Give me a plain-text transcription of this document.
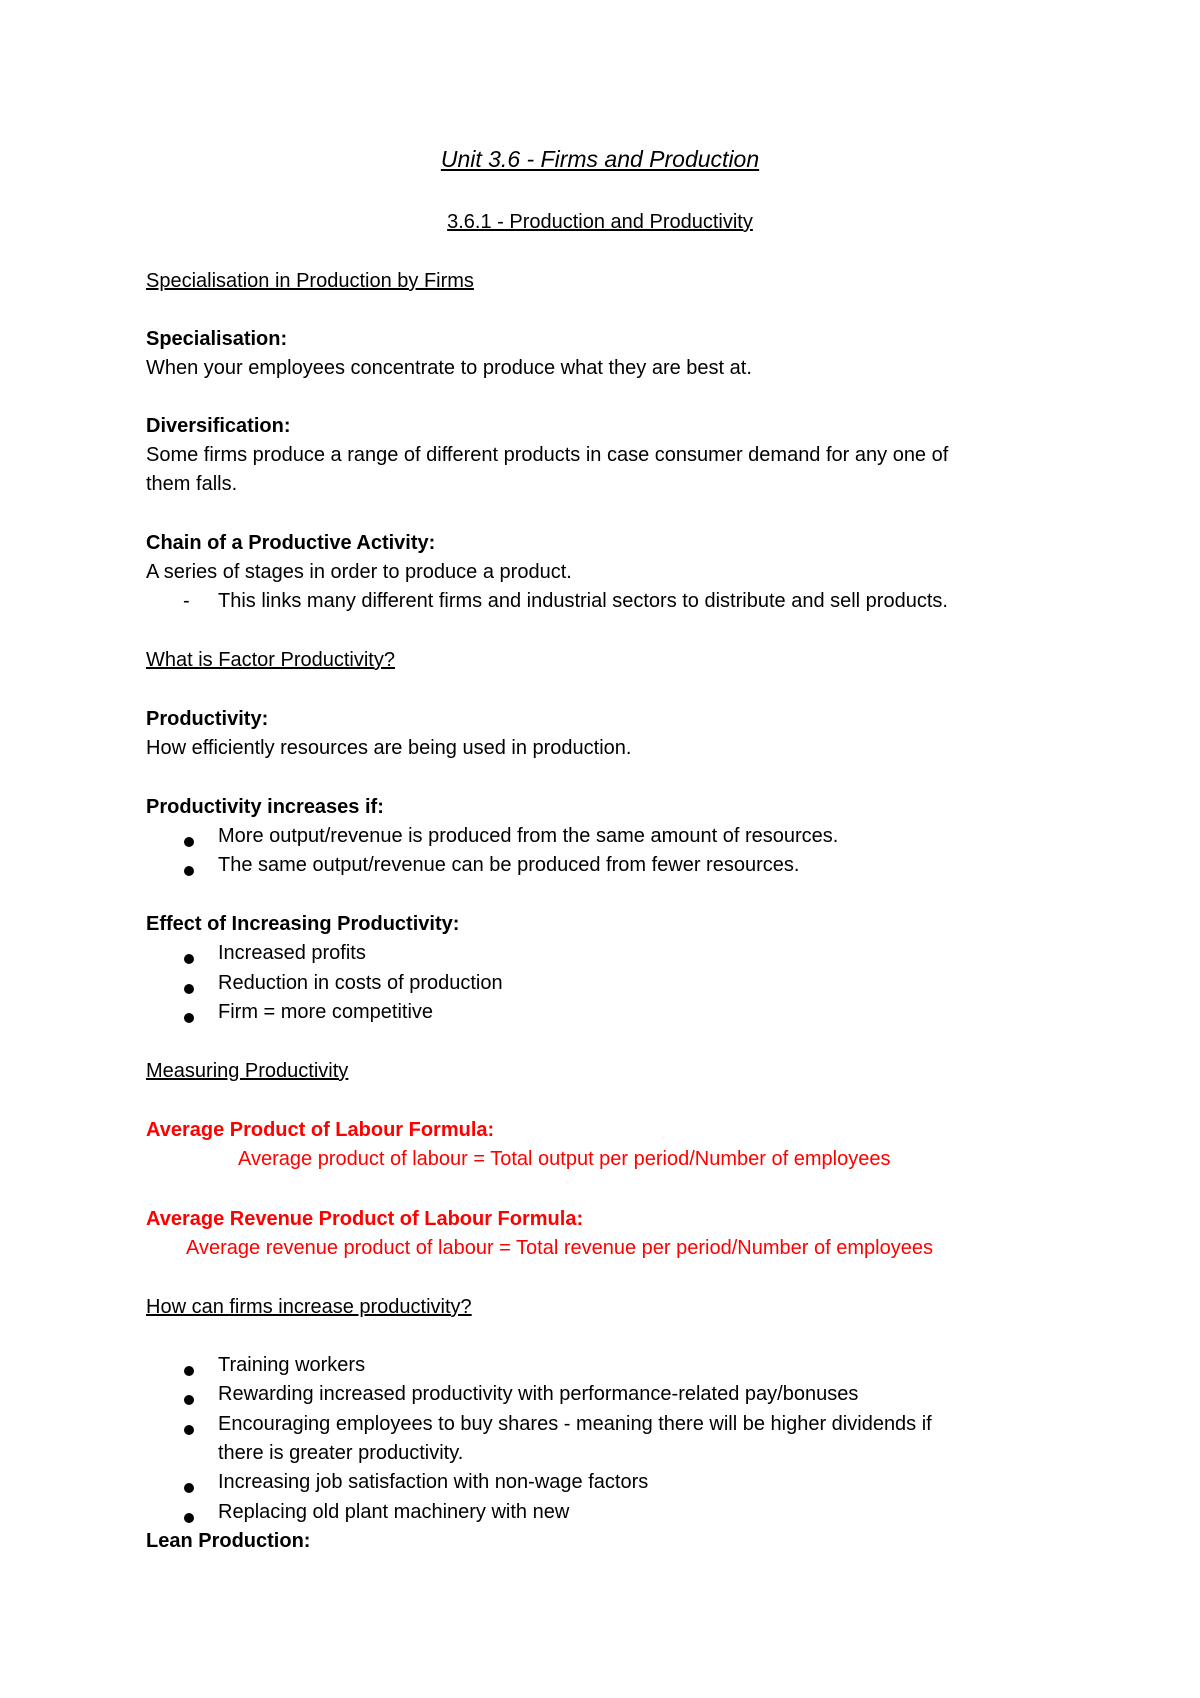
Unit 3.6 - Firms and Production

3.6.1 - Production and Productivity

Specialisation in Production by Firms

Specialisation:

When your employees concentrate to produce what they are best at.

Diversification:

Some firms produce a range of different products in case consumer demand for any one of

them falls.

Chain of a Productive Activity:

A series of stages in order to produce a product.

- This links many different firms and industrial sectors to distribute and sell products.

What is Factor Productivity?

Productivity:

How efficiently resources are being used in production.

Productivity increases if:

More output/revenue is produced from the same amount of resources.

The same output/revenue can be produced from fewer resources.

Effect of Increasing Productivity:

Increased profits

Reduction in costs of production

Firm = more competitive

Measuring Productivity

Average Product of Labour Formula:

Average product of labour = Total output per period/Number of employees

Average Revenue Product of Labour Formula:

Average revenue product of labour = Total revenue per period/Number of employees

How can firms increase productivity?

Training workers

Rewarding increased productivity with performance-related pay/bonuses

Encouraging employees to buy shares - meaning there will be higher dividends if

there is greater productivity.

Increasing job satisfaction with non-wage factors

Replacing old plant machinery with new

Lean Production:
